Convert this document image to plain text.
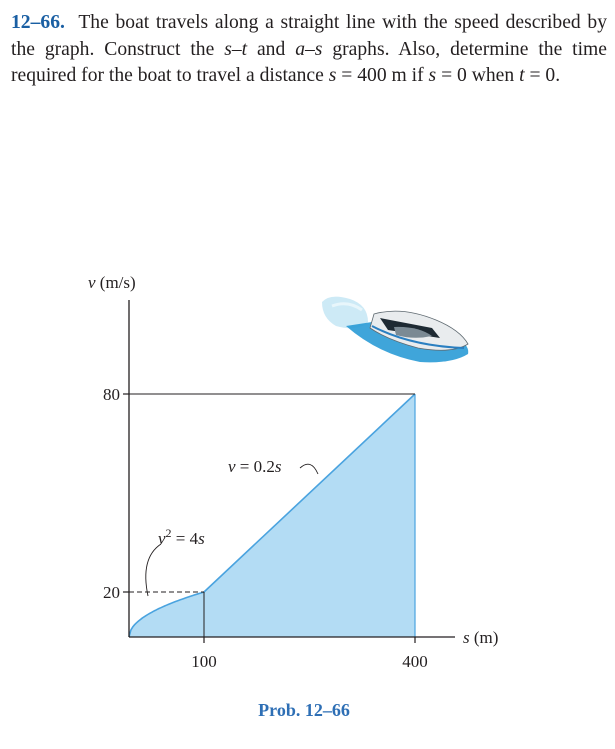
12–66. The boat travels along a straight line with the speed described by the graph. Construct the s–t and a–s graphs. Also, determine the time required for the boat to travel a distance s = 400 m if s = 0 when t = 0.

80
20
100	400
v (m/s)
s (m)
$v^2 = 4s$
v = 0.2s
Prob. 12–66
